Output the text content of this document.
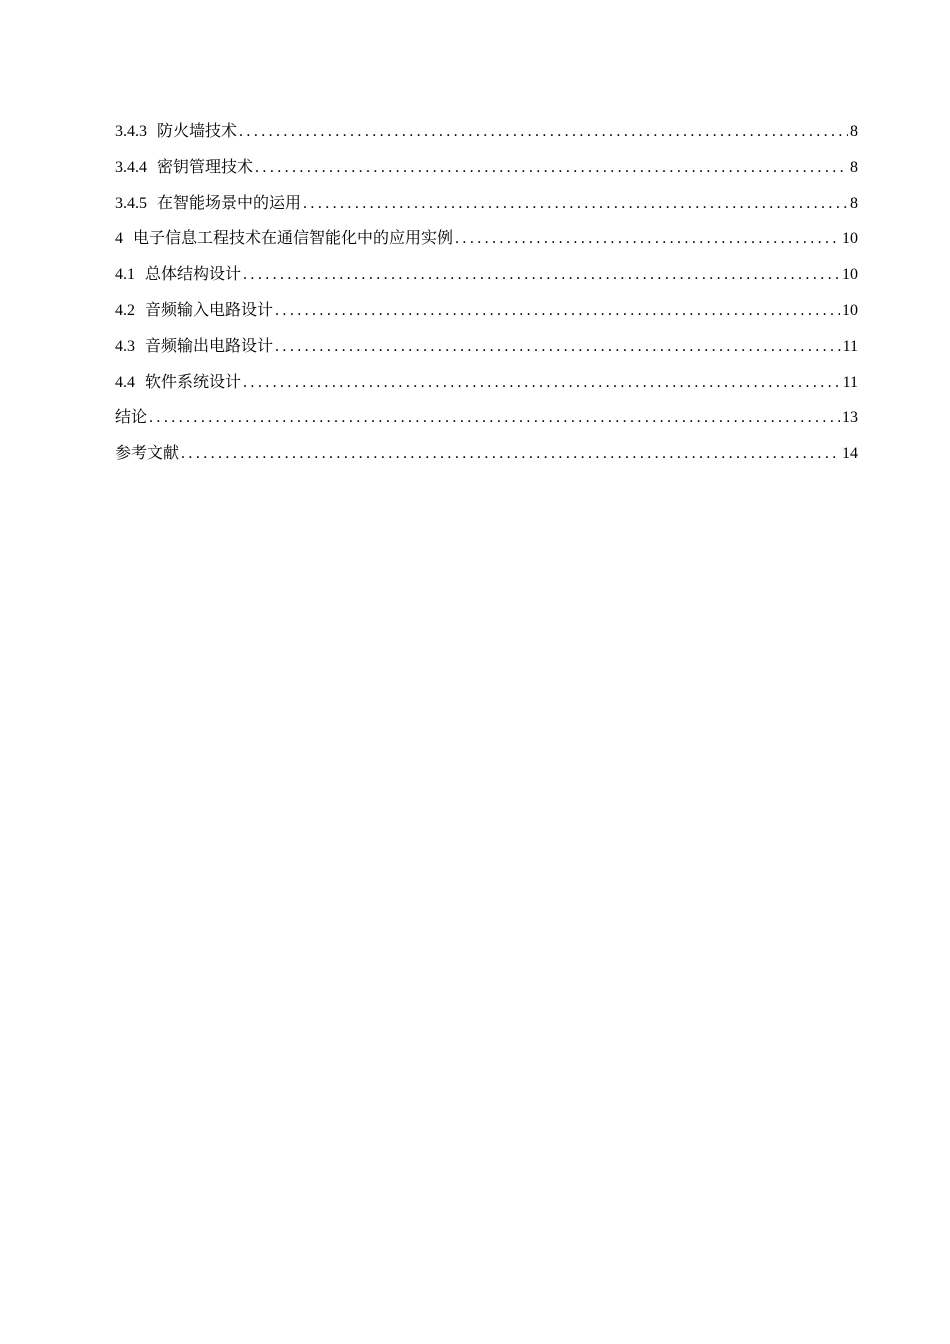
3.4.3 防火墙技术 . . .	8
3.4.4 密钥管理技术 . . .	8
3.4.5 在智能场景中的运用 . . .	8
4 电子信息工程技术在通信智能化中的应用实例 . . .	10
4.1 总体结构设计 . . .	10
4.2 音频输入电路设计 . . .	10
4.3 音频输出电路设计 . . .	11
4.4 软件系统设计 . . .	11
结论 . . .	13
参考文献 . . .	14
